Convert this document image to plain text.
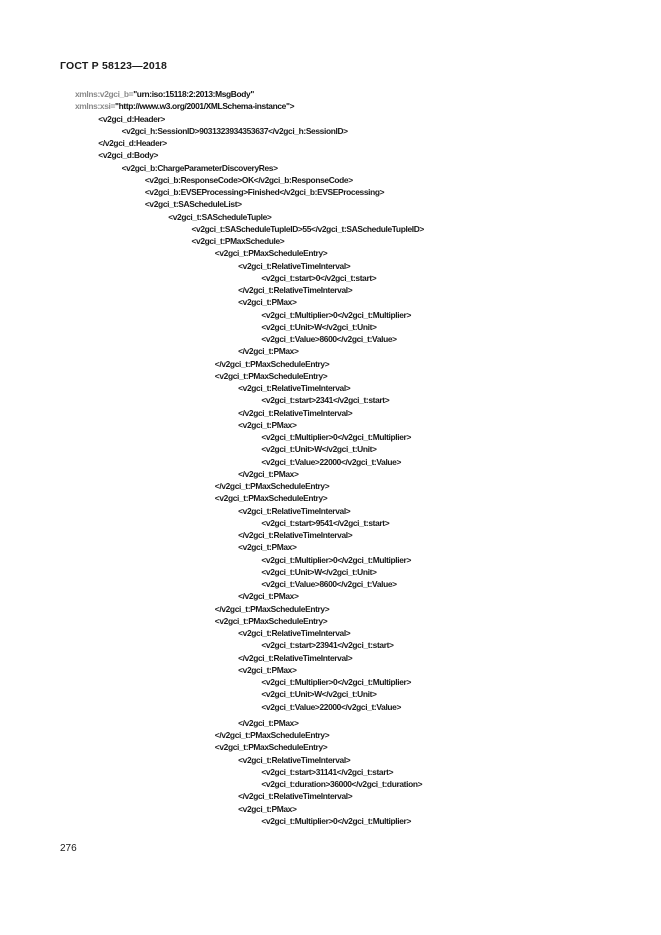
ГОСТ Р 58123—2018
xmlns:v2gci_b="urn:iso:15118:2:2013:MsgBody"
xmlns:xsi="http://www.w3.org/2001/XMLSchema-instance">
<v2gci_d:Header>
<v2gci_h:SessionID>9031323934353637</v2gci_h:SessionID>
</v2gci_d:Header>
<v2gci_d:Body>
<v2gci_b:ChargeParameterDiscoveryRes>
<v2gci_b:ResponseCode>OK</v2gci_b:ResponseCode>
<v2gci_b:EVSEProcessing>Finished</v2gci_b:EVSEProcessing>
<v2gci_t:SAScheduleList>
<v2gci_t:SAScheduleTuple>
<v2gci_t:SAScheduleTupleID>55</v2gci_t:SAScheduleTupleID>
<v2gci_t:PMaxSchedule>
<v2gci_t:PMaxScheduleEntry>
<v2gci_t:RelativeTimeInterval>
<v2gci_t:start>0</v2gci_t:start>
</v2gci_t:RelativeTimeInterval>
<v2gci_t:PMax>
<v2gci_t:Multiplier>0</v2gci_t:Multiplier>
<v2gci_t:Unit>W</v2gci_t:Unit>
<v2gci_t:Value>8600</v2gci_t:Value>
</v2gci_t:PMax>
</v2gci_t:PMaxScheduleEntry>
<v2gci_t:PMaxScheduleEntry>
<v2gci_t:RelativeTimeInterval>
<v2gci_t:start>2341</v2gci_t:start>
</v2gci_t:RelativeTimeInterval>
<v2gci_t:PMax>
<v2gci_t:Multiplier>0</v2gci_t:Multiplier>
<v2gci_t:Unit>W</v2gci_t:Unit>
<v2gci_t:Value>22000</v2gci_t:Value>
</v2gci_t:PMax>
</v2gci_t:PMaxScheduleEntry>
<v2gci_t:PMaxScheduleEntry>
<v2gci_t:RelativeTimeInterval>
<v2gci_t:start>9541</v2gci_t:start>
</v2gci_t:RelativeTimeInterval>
<v2gci_t:PMax>
<v2gci_t:Multiplier>0</v2gci_t:Multiplier>
<v2gci_t:Unit>W</v2gci_t:Unit>
<v2gci_t:Value>8600</v2gci_t:Value>
</v2gci_t:PMax>
</v2gci_t:PMaxScheduleEntry>
<v2gci_t:PMaxScheduleEntry>
<v2gci_t:RelativeTimeInterval>
<v2gci_t:start>23941</v2gci_t:start>
</v2gci_t:RelativeTimeInterval>
<v2gci_t:PMax>
<v2gci_t:Multiplier>0</v2gci_t:Multiplier>
<v2gci_t:Unit>W</v2gci_t:Unit>
<v2gci_t:Value>22000</v2gci_t:Value>
</v2gci_t:PMax>
</v2gci_t:PMaxScheduleEntry>
<v2gci_t:PMaxScheduleEntry>
<v2gci_t:RelativeTimeInterval>
<v2gci_t:start>31141</v2gci_t:start>
<v2gci_t:duration>36000</v2gci_t:duration>
</v2gci_t:RelativeTimeInterval>
<v2gci_t:PMax>
<v2gci_t:Multiplier>0</v2gci_t:Multiplier>
276
